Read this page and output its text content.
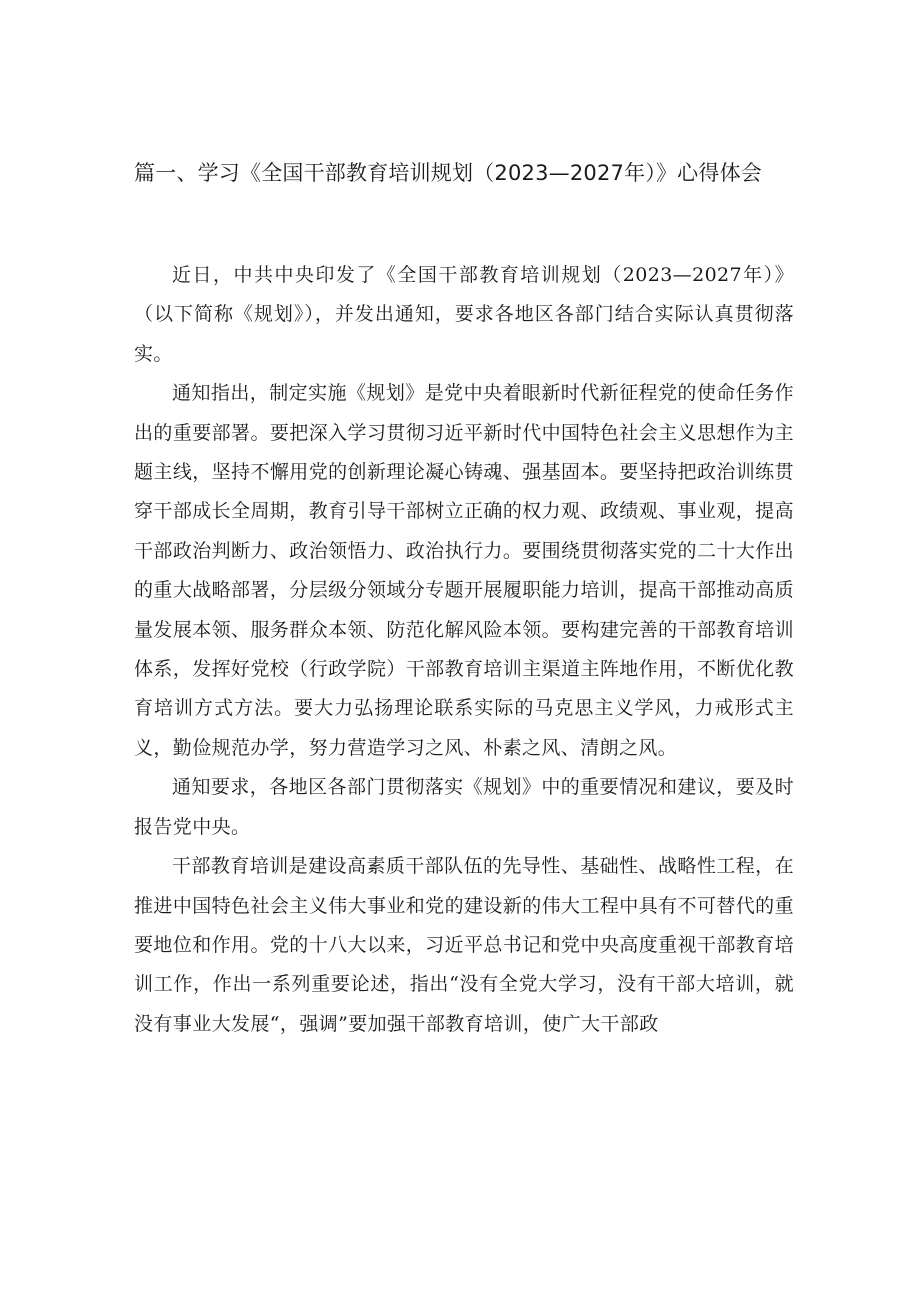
篇一、学习《全国干部教育培训规划（2023—2027年）》心得体会

近日，中共中央印发了《全国干部教育培训规划（2023—2027年）》（以下简称《规划》），并发出通知，要求各地区各部门结合实际认真贯彻落实。

通知指出，制定实施《规划》是党中央着眼新时代新征程党的使命任务作出的重要部署。要把深入学习贯彻习近平新时代中国特色社会主义思想作为主题主线，坚持不懈用党的创新理论凝心铸魂、强基固本。要坚持把政治训练贯穿干部成长全周期，教育引导干部树立正确的权力观、政绩观、事业观，提高干部政治判断力、政治领悟力、政治执行力。要围绕贯彻落实党的二十大作出的重大战略部署，分层级分领域分专题开展履职能力培训，提高干部推动高质量发展本领、服务群众本领、防范化解风险本领。要构建完善的干部教育培训体系，发挥好党校（行政学院）干部教育培训主渠道主阵地作用，不断优化教育培训方式方法。要大力弘扬理论联系实际的马克思主义学风，力戒形式主义，勤俭规范办学，努力营造学习之风、朴素之风、清朗之风。

通知要求，各地区各部门贯彻落实《规划》中的重要情况和建议，要及时报告党中央。

干部教育培训是建设高素质干部队伍的先导性、基础性、战略性工程，在推进中国特色社会主义伟大事业和党的建设新的伟大工程中具有不可替代的重要地位和作用。党的十八大以来，习近平总书记和党中央高度重视干部教育培训工作，作出一系列重要论述，指出“没有全党大学习，没有干部大培训，就没有事业大发展“，强调”要加强干部教育培训，使广大干部政
